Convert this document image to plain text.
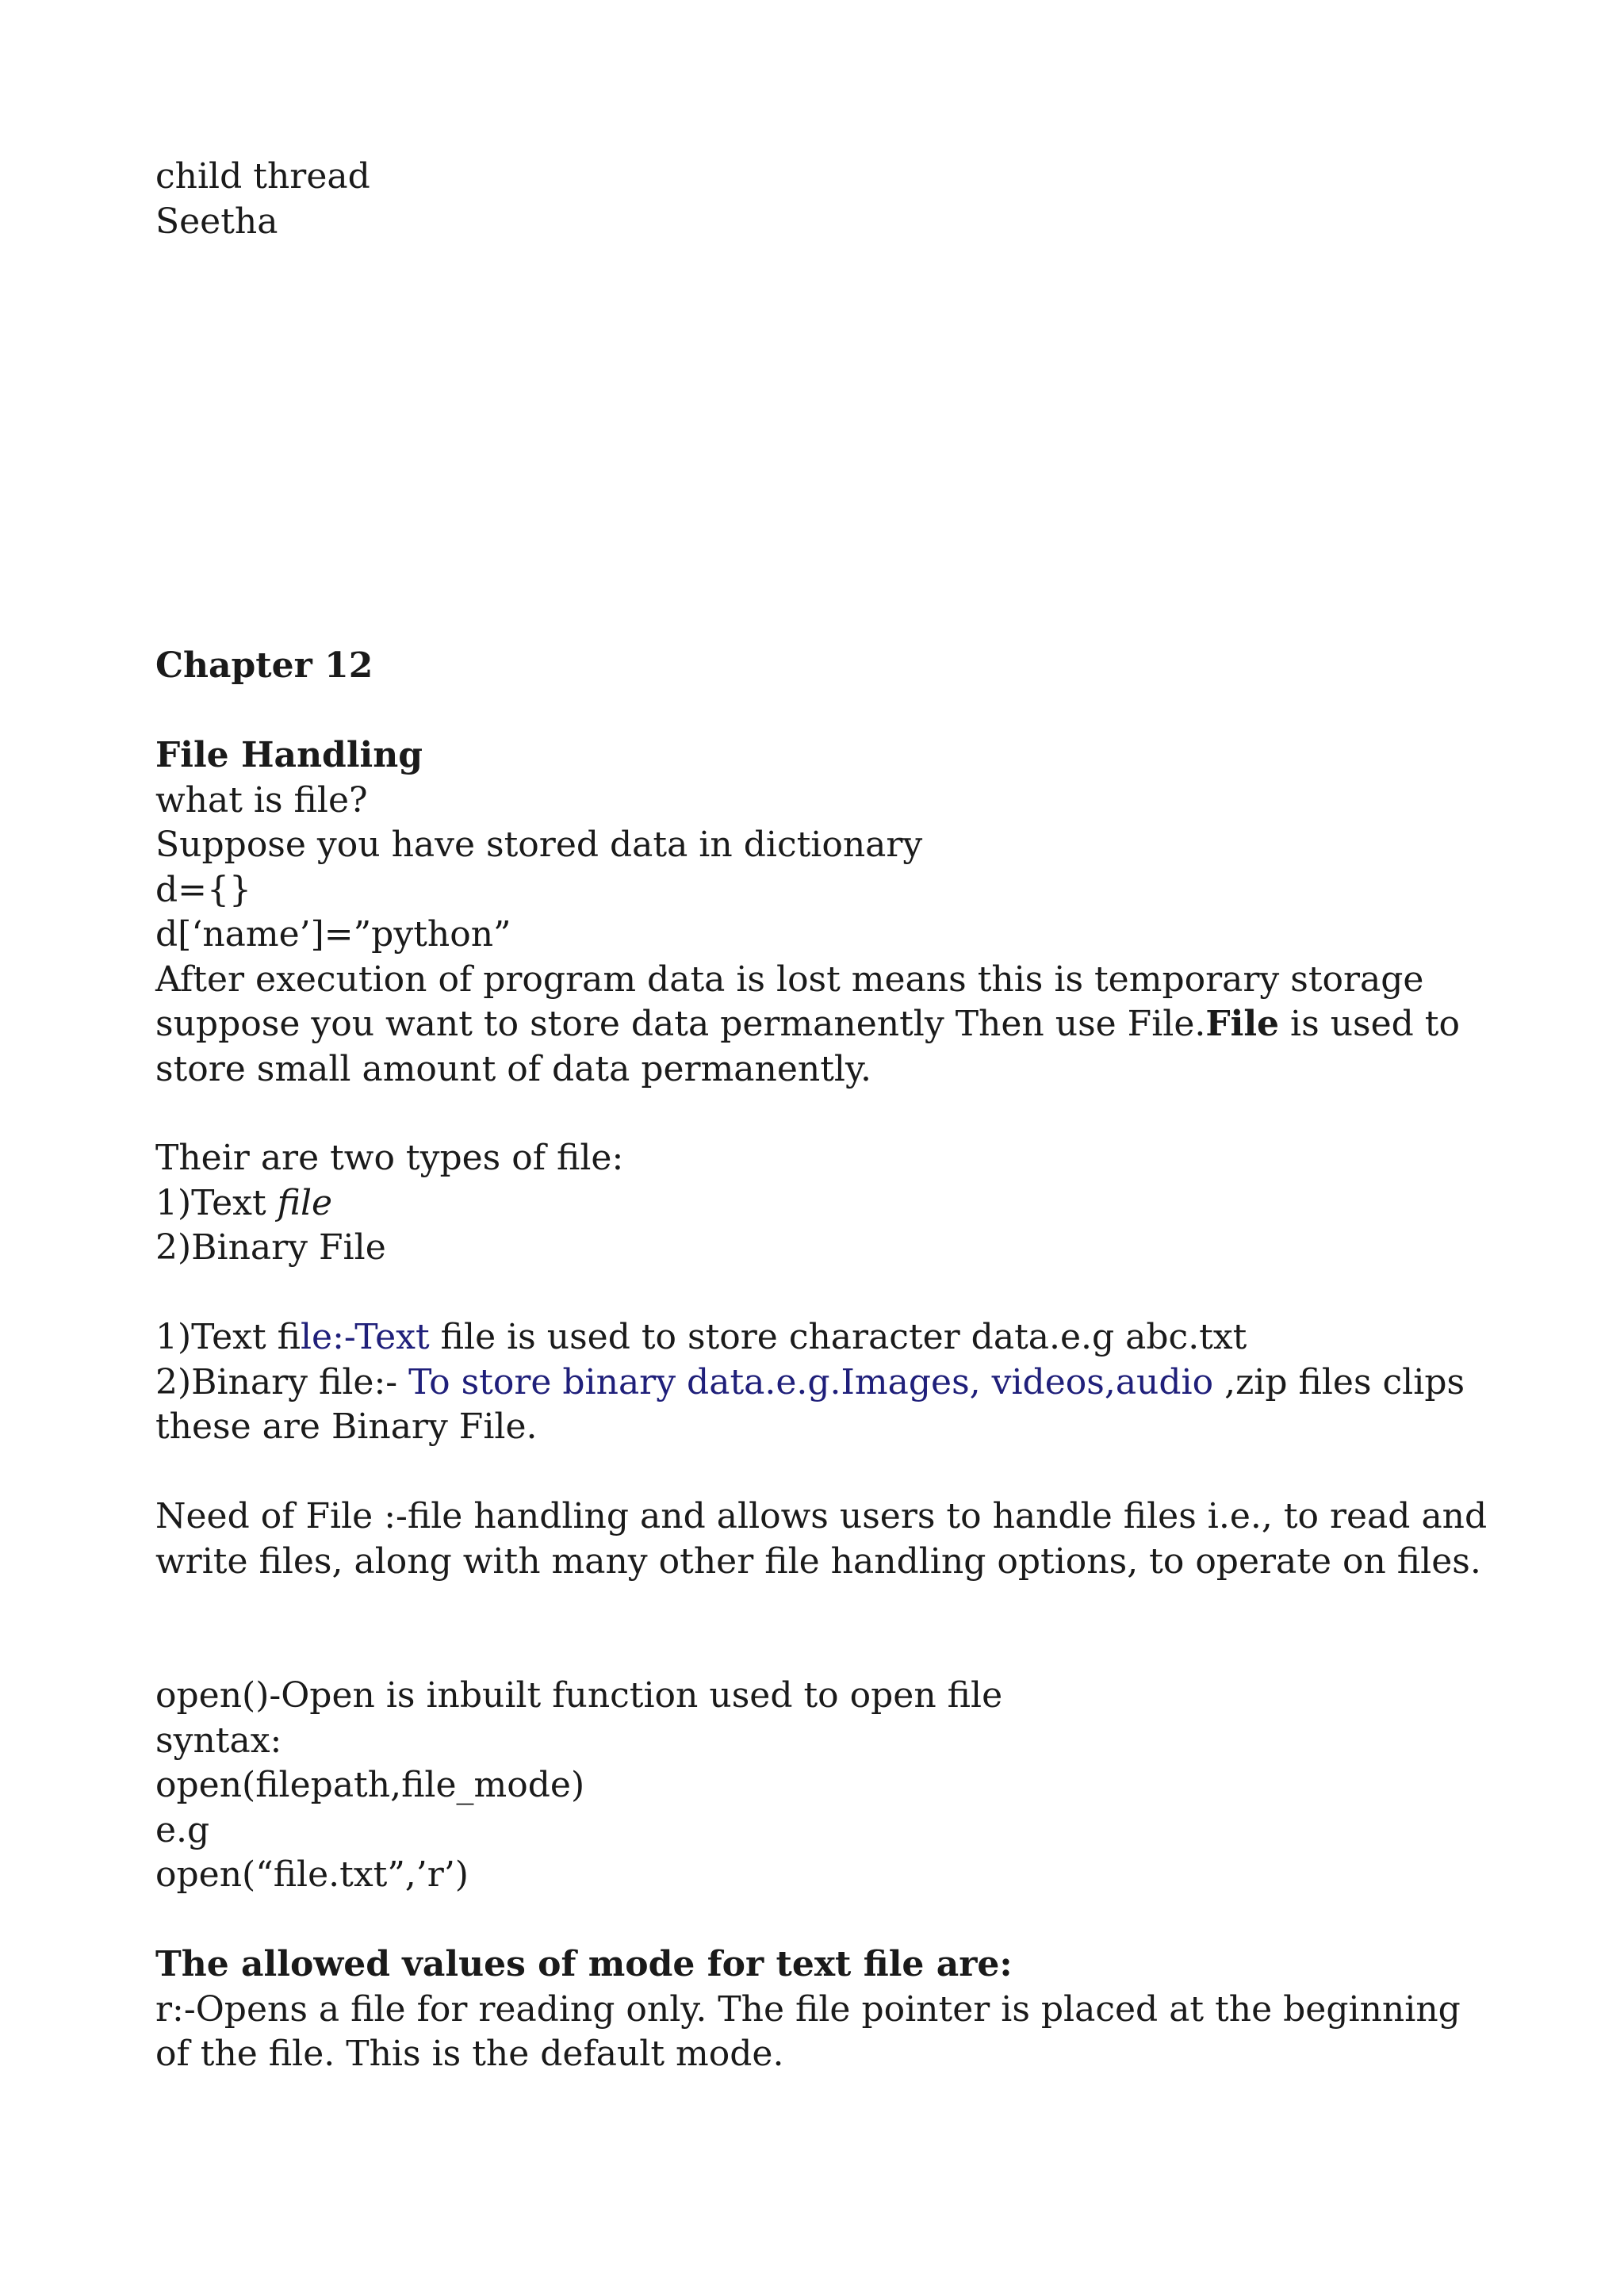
child thread
Seetha
Chapter 12
File Handling
what is file?
Suppose you have stored data in dictionary
d={}
d[‘name’]=”python”
After execution of program data is lost means this is temporary storage suppose you want to store data permanently Then use File.File is used to store small amount of data permanently.
Their are two types of file:
1)Text file
2)Binary File
1)Text file:-Text file is used to store character data.e.g abc.txt
2)Binary file:- To store binary data.e.g.Images, videos,audio ,zip files clips these are Binary File.
Need of File :-file handling and allows users to handle files i.e., to read and write files, along with many other file handling options, to operate on files.
open()-Open is inbuilt function used to open file
syntax:
open(filepath,file_mode)
e.g
open(“file.txt”,’r’)
The allowed values of mode for text file are:
r:-Opens a file for reading only. The file pointer is placed at the beginning of the file. This is the default mode.
